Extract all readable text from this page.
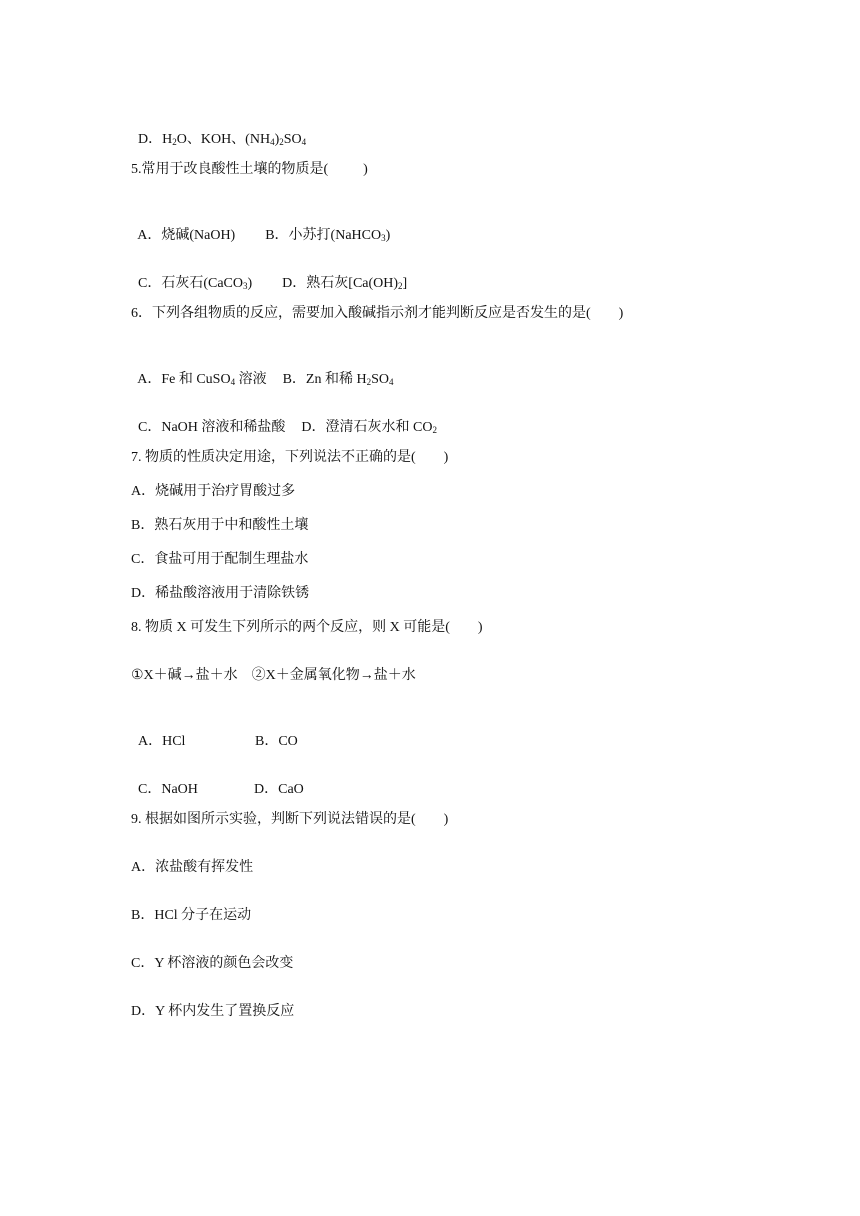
D．$H_2O$、KOH、$(NH_4)_2SO_4$

5.常用于改良酸性土壤的物质是(          )

A．烧碱(NaOH) B．小苏打(NaHCO$_3$)

C．石灰石(CaCO$_3$) D．熟石灰$[Ca(OH)_2]$

6．下列各组物质的反应，需要加入酸碱指示剂才能判断反应是否发生的是(        )

A．Fe 和 CuSO$_4$ 溶液 B．Zn 和稀 $H_2SO_4$

C．NaOH 溶液和稀盐酸 D．澄清石灰水和 $CO_2$

7. 物质的性质决定用途，下列说法不正确的是(        )
A．烧碱用于治疗胃酸过多
B．熟石灰用于中和酸性土壤
C．食盐可用于配制生理盐水
D．稀盐酸溶液用于清除铁锈
8. 物质 X 可发生下列所示的两个反应，则 X 可能是(        )
①X＋碱→盐＋水    ②X＋金属氧化物→盐＋水

A．HCl	B．CO

C．NaOH	D．CaO

9. 根据如图所示实验，判断下列说法错误的是(        )
A．浓盐酸有挥发性
B．HCl 分子在运动
C．Y 杯溶液的颜色会改变
D．Y 杯内发生了置换反应
